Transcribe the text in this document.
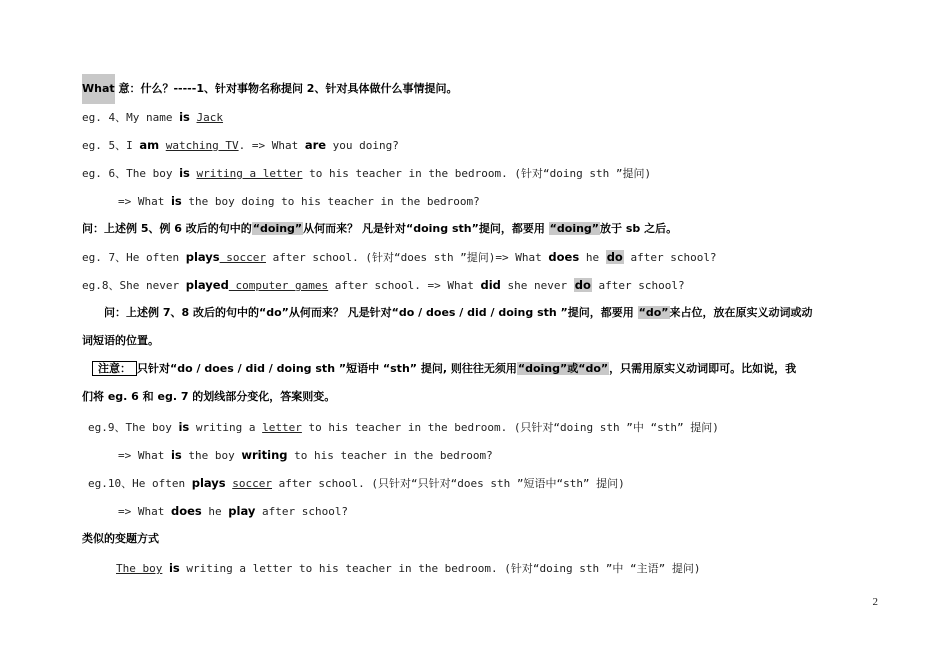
What 意：什么？-----1、针对事物名称提问 2、针对具体做什么事情提问。
eg. 4、My name is Jack
eg. 5、I am watching TV. => What are you doing?
eg. 6、The boy is writing a letter to his teacher in the bedroom. (针对“doing sth ”提问)
=> What is the boy doing to his teacher in the bedroom?
问：上述例 5、例 6 改后的句中的“doing”从何而来？ 凡是针对“doing sth”提问，都要用 “doing”放于 sb 之后。
eg. 7、He often plays soccer after school. (针对“does sth ”提问)=> What does he do after school?
eg.8、She never played computer games after school. => What did she never do after school?
问：上述例 7、8 改后的句中的“do”从何而来？ 凡是针对“do / does / did / doing sth ”提问，都要用 “do”来占位，放在原实义动词或动
词短语的位置。
注意： 只针对“do / does / did / doing sth ”短语中 “sth” 提问, 则往往无须用“doing”或“do”，只需用原实义动词即可。比如说，我
们将 eg. 6 和 eg. 7 的划线部分变化，答案则变。
eg.9、The boy is writing a letter to his teacher in the bedroom. (只针对“doing sth ”中 “sth” 提问)
=> What is the boy writing to his teacher in the bedroom?
eg.10、He often plays soccer after school. (只针对“只针对“does sth ”短语中“sth” 提问)
=> What does he play after school?
类似的变题方式
The boy is writing a letter to his teacher in the bedroom. (针对“doing sth ”中 “主语” 提问)
2
